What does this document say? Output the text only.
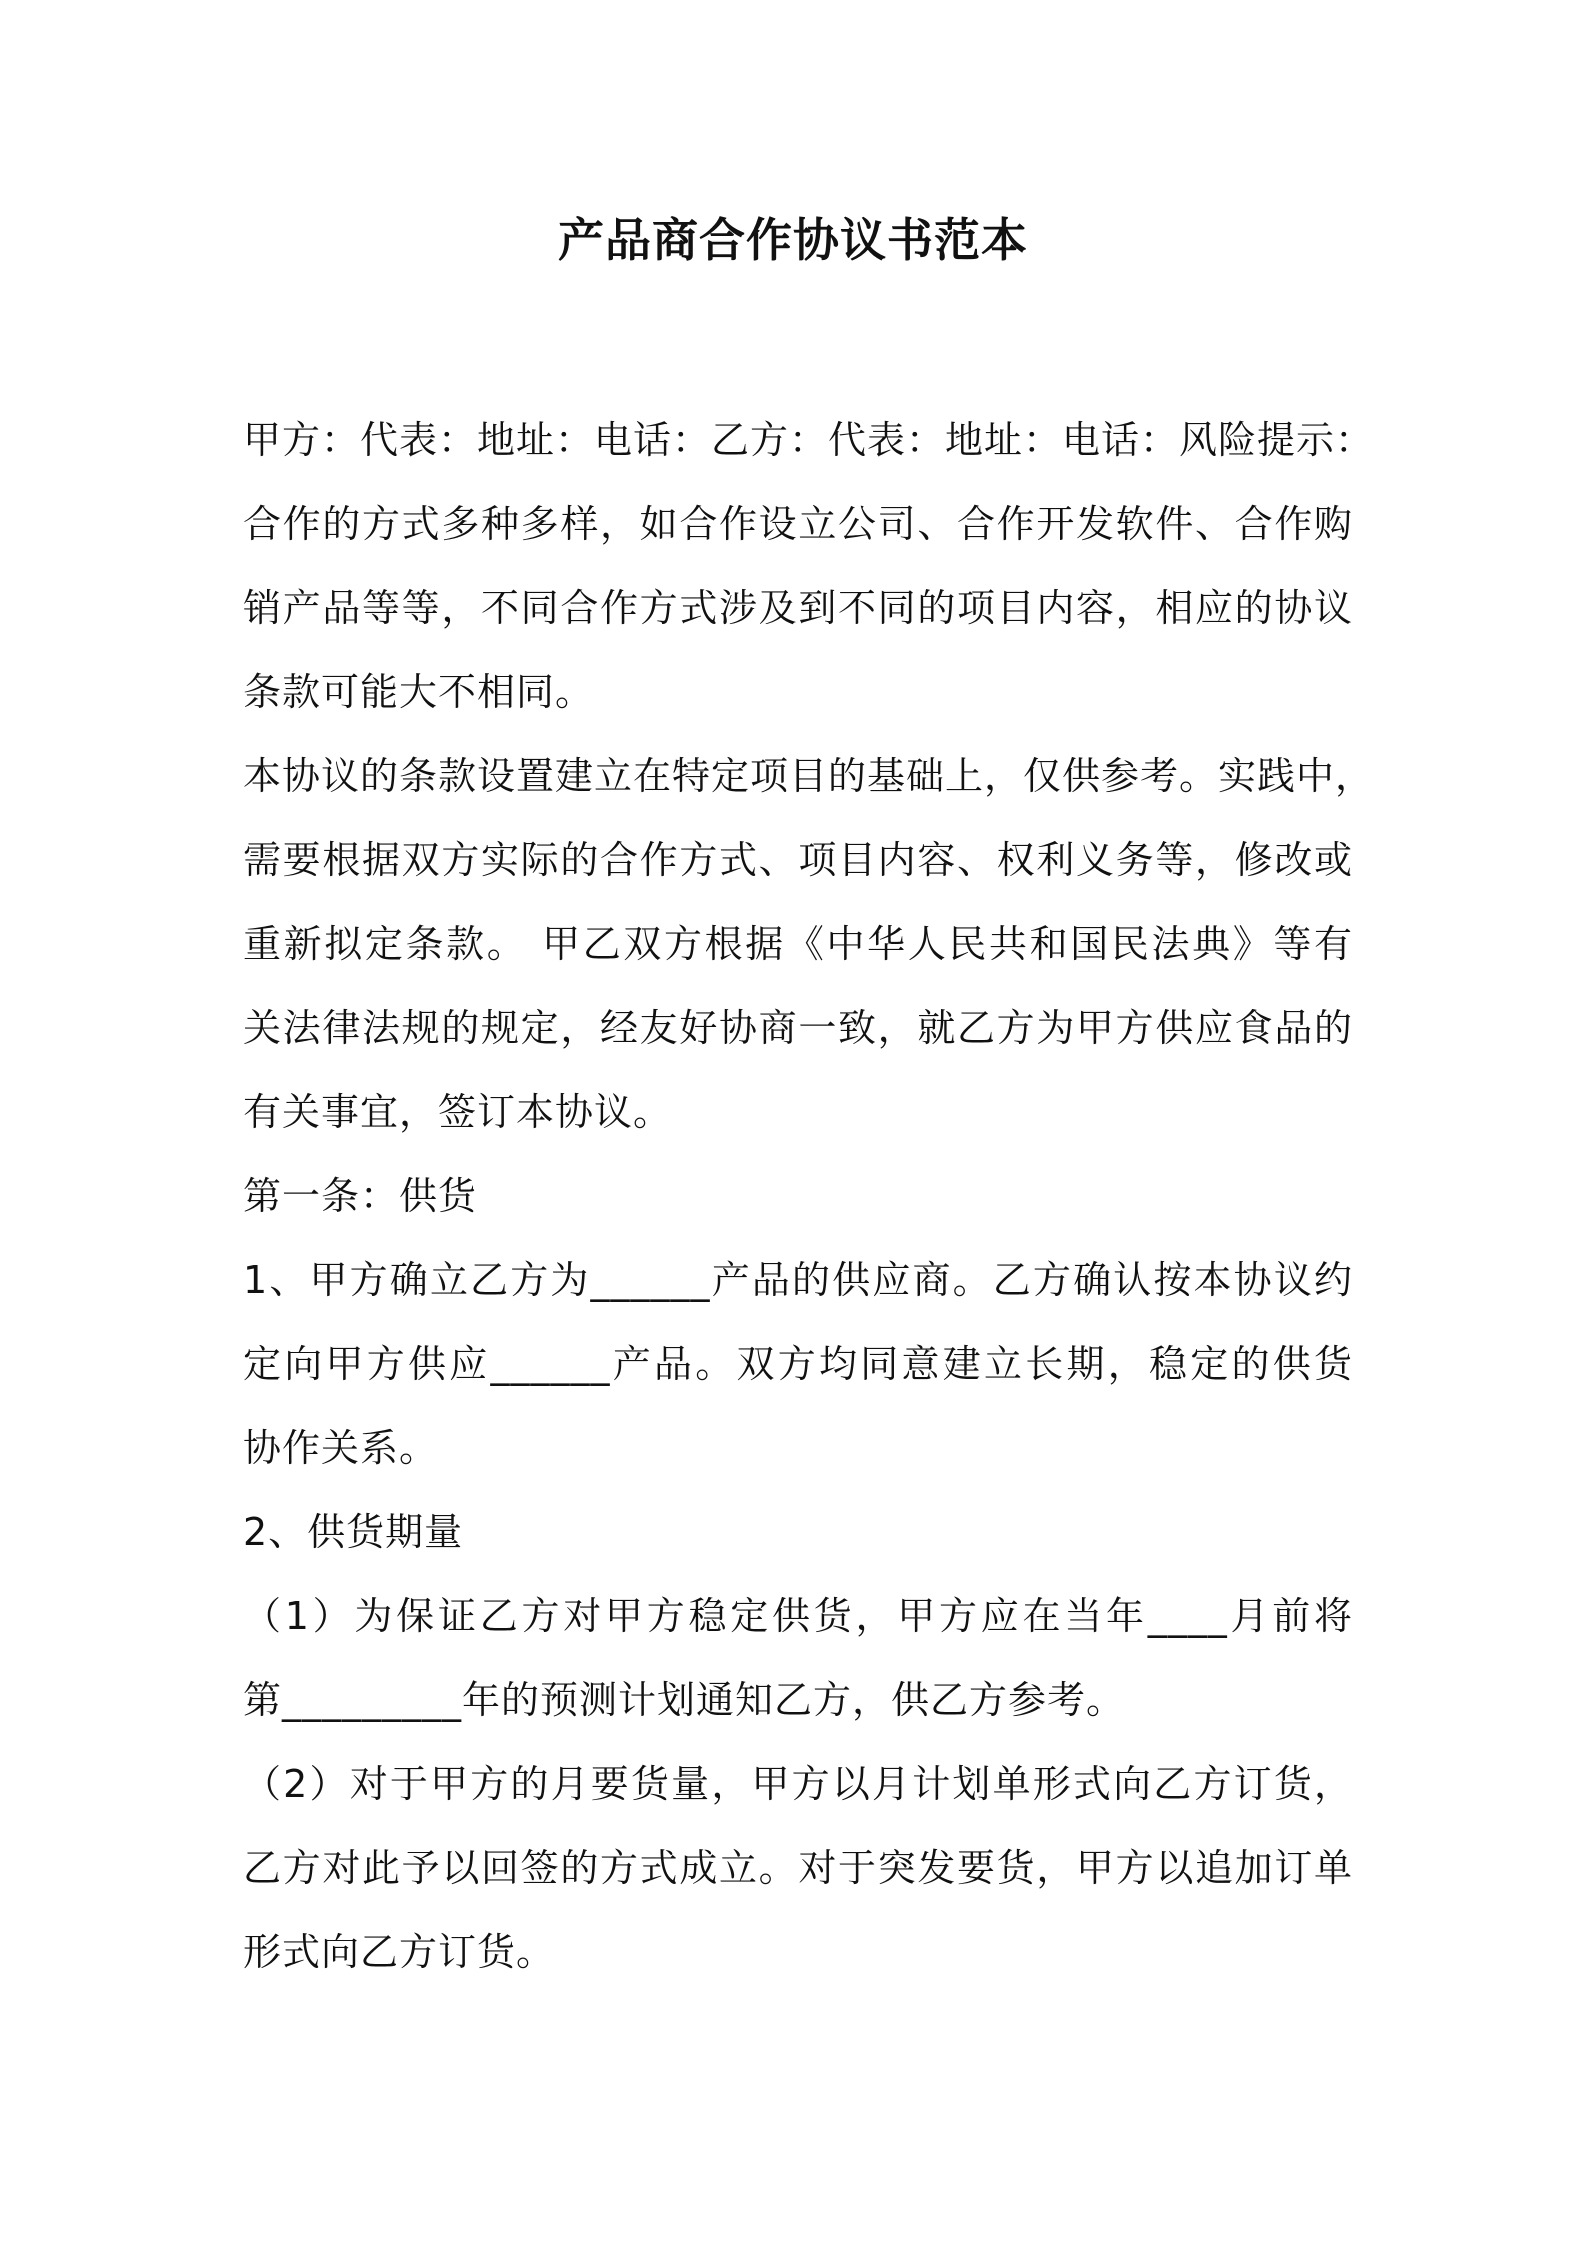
产品商合作协议书范本
甲方：代表：地址：电话：乙方：代表：地址：电话：风险提示：
合作的方式多种多样，如合作设立公司、合作开发软件、合作购
销产品等等，不同合作方式涉及到不同的项目内容，相应的协议
条款可能大不相同。
本协议的条款设置建立在特定项目的基础上，仅供参考。实践中，
需要根据双方实际的合作方式、项目内容、权利义务等，修改或
重新拟定条款。 甲乙双方根据《中华人民共和国民法典》等有
关法律法规的规定，经友好协商一致，就乙方为甲方供应食品的
有关事宜，签订本协议。
第一条：供货
1、甲方确立乙方为______产品的供应商。乙方确认按本协议约
定向甲方供应______产品。双方均同意建立长期，稳定的供货
协作关系。
2、供货期量
（1）为保证乙方对甲方稳定供货，甲方应在当年____月前将
第_________年的预测计划通知乙方，供乙方参考。
（2）对于甲方的月要货量，甲方以月计划单形式向乙方订货，
乙方对此予以回签的方式成立。对于突发要货，甲方以追加订单
形式向乙方订货。
